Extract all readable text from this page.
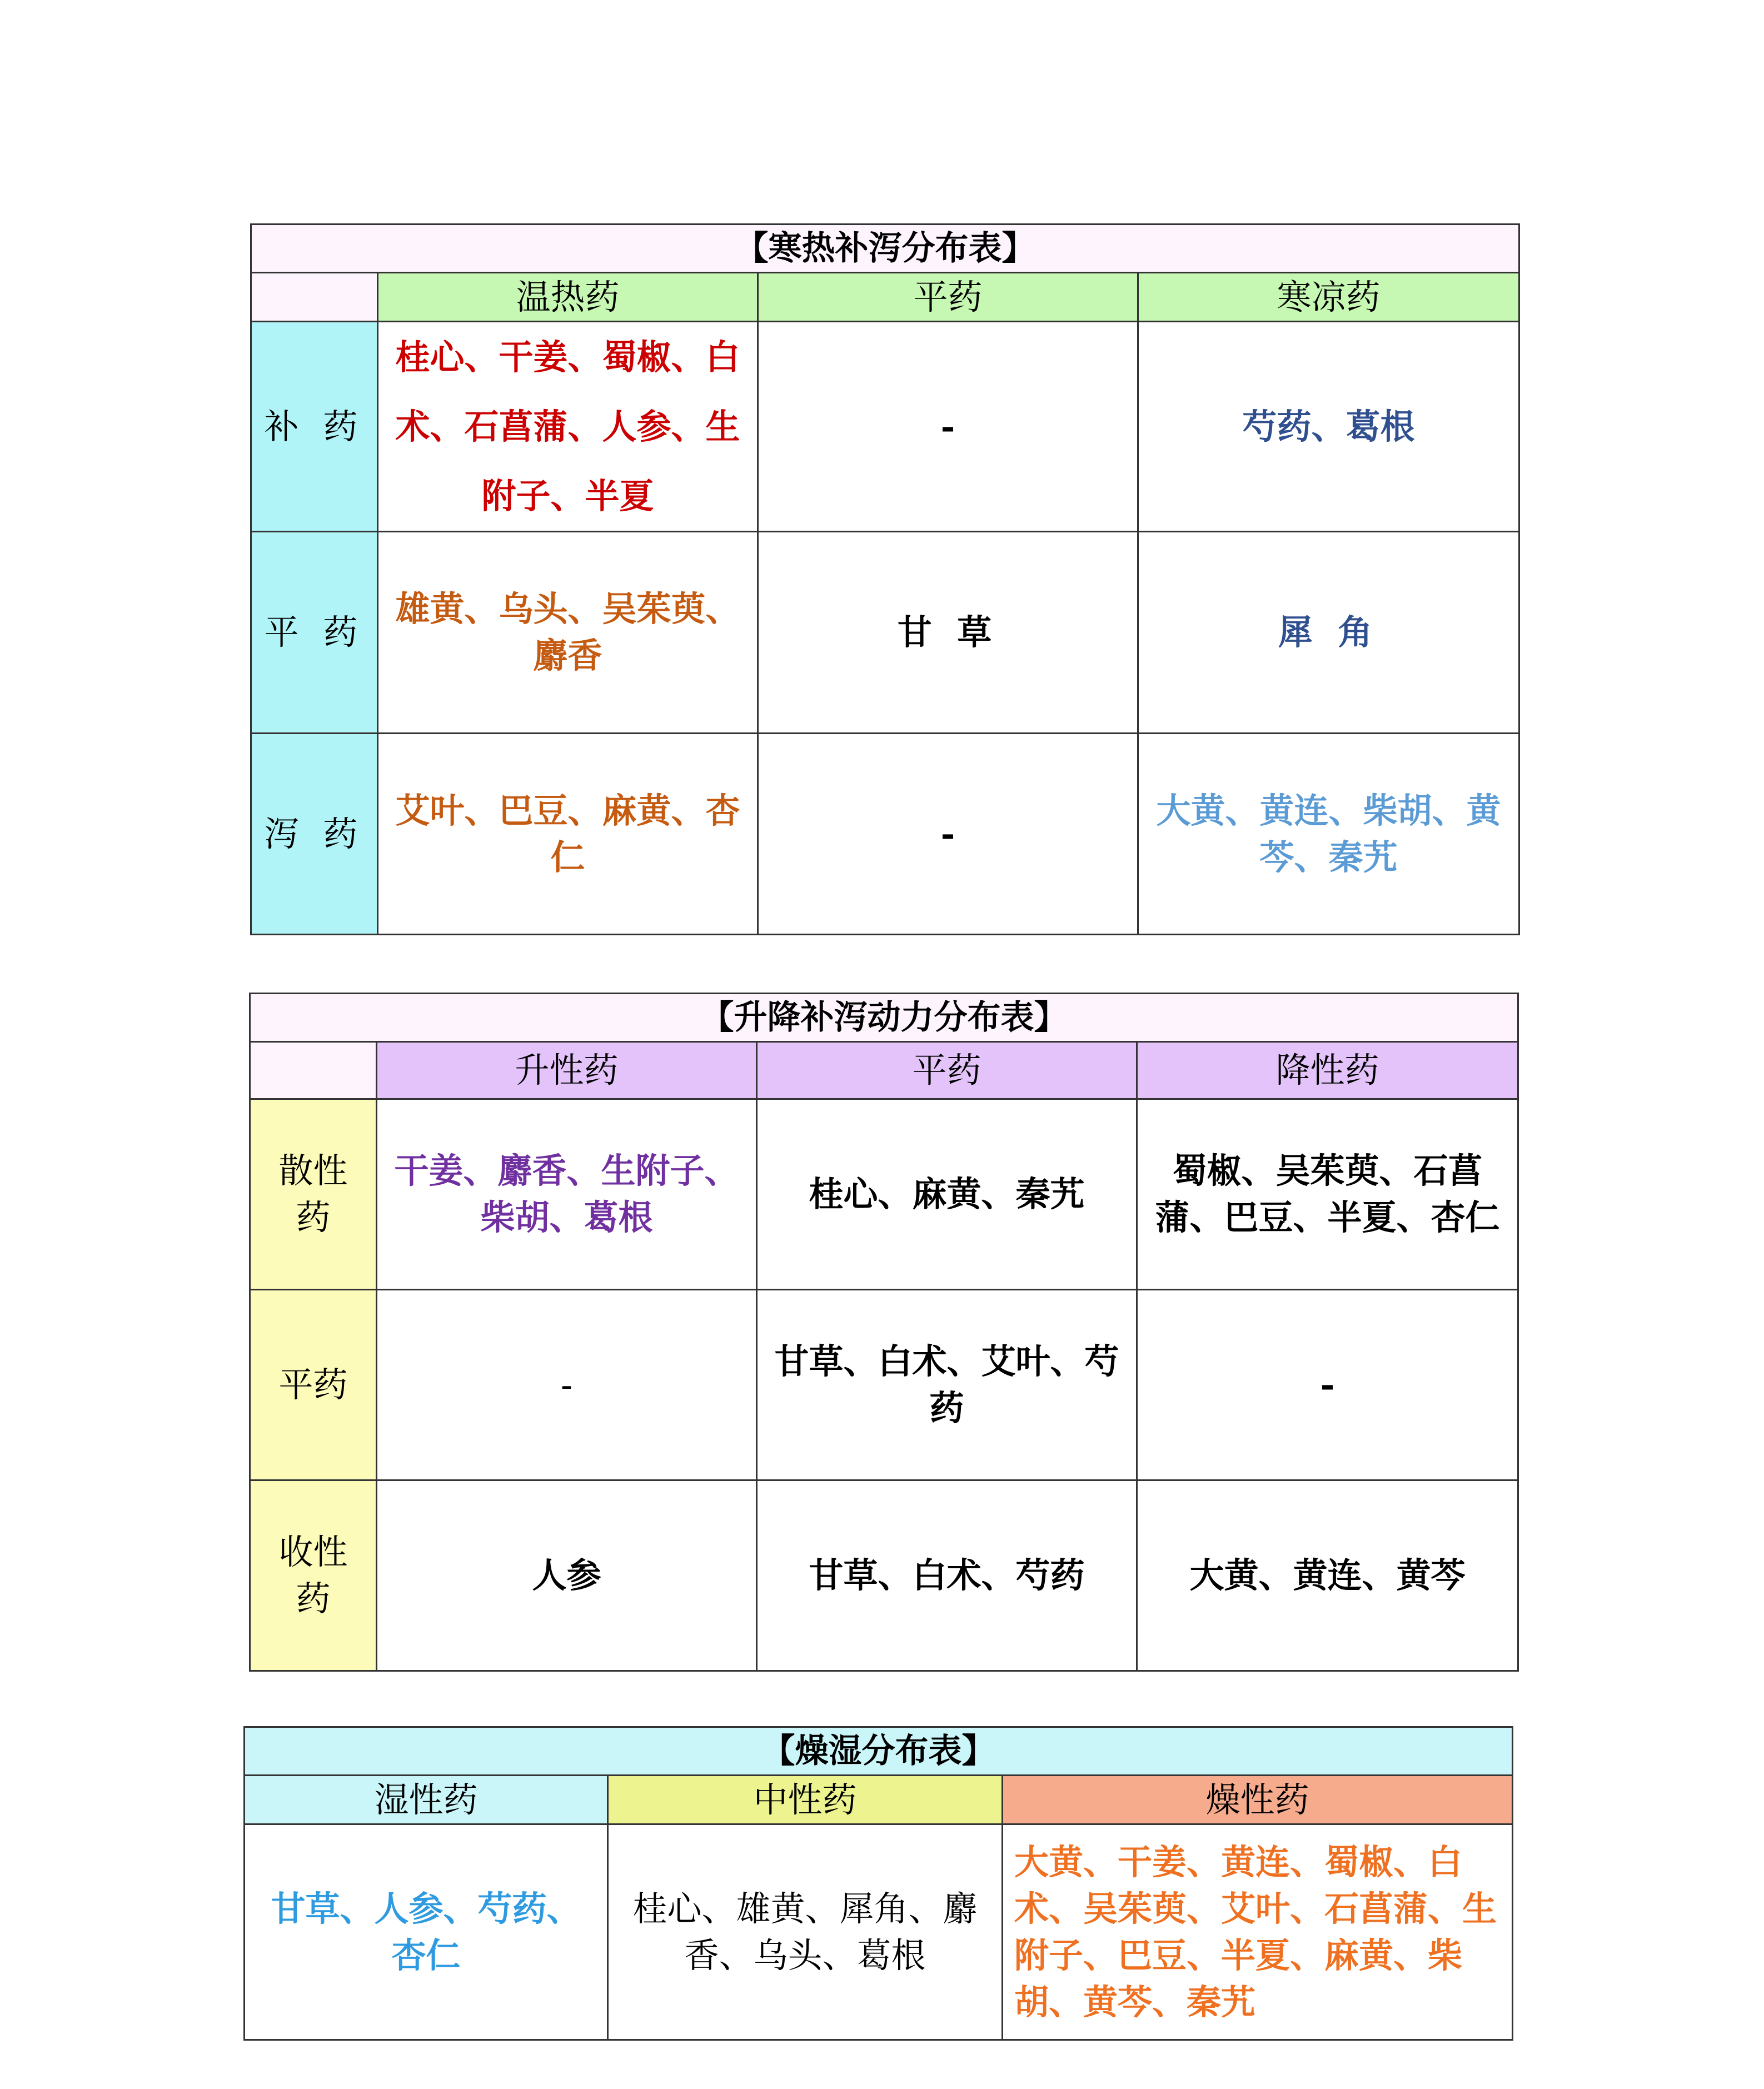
【寒热补泻分布表】			
	温热药	平药	寒凉药
补 药	桂心、干姜、蜀椒、白术、石菖蒲、人参、生附子、半夏	-	芍药、葛根
平 药	雄黄、乌头、吴茱萸、麝香	甘 草	犀 角
泻 药	艾叶、巴豆、麻黄、杏仁	-	大黄、黄连、柴胡、黄芩、秦艽
【升降补泻动力分布表】			
	升性药	平药	降性药
散性药	干姜、麝香、生附子、柴胡、葛根	桂心、麻黄、秦艽	蜀椒、吴茱萸、石菖蒲、巴豆、半夏、杏仁
平药	-	甘草、白术、艾叶、芍药	-
收性药	人参	甘草、白术、芍药	大黄、黄连、黄芩
【燥湿分布表】		
湿性药	中性药	燥性药
甘草、人参、芍药、杏仁	桂心、雄黄、犀角、麝香、乌头、葛根	大黄、干姜、黄连、蜀椒、白术、吴茱萸、艾叶、石菖蒲、生附子、巴豆、半夏、麻黄、柴胡、黄芩、秦艽
